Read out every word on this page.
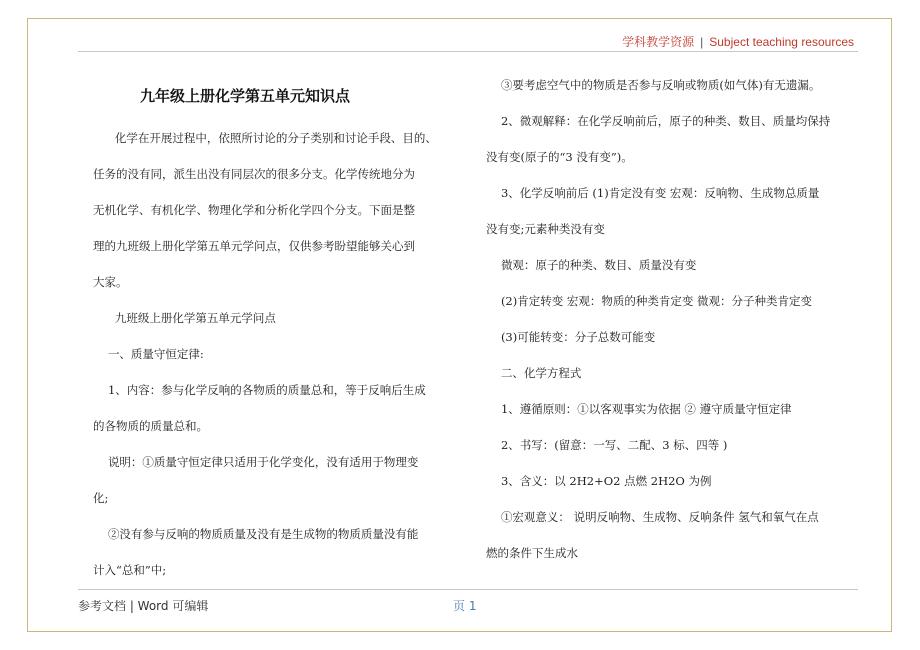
学科教学资源 | Subject teaching resources
九年级上册化学第五单元知识点

化学在开展过程中，依照所讨论的分子类别和讨论手段、目的、

任务的没有同，派生出没有同层次的很多分支。化学传统地分为

无机化学、有机化学、物理化学和分析化学四个分支。下面是整

理的九班级上册化学第五单元学问点，仅供参考盼望能够关心到

大家。

九班级上册化学第五单元学问点

一、质量守恒定律:

1、内容：参与化学反响的各物质的质量总和，等于反响后生成

的各物质的质量总和。

说明：①质量守恒定律只适用于化学变化，没有适用于物理变

化;

②没有参与反响的物质质量及没有是生成物的物质质量没有能

计入“总和”中;

③要考虑空气中的物质是否参与反响或物质(如气体)有无遗漏。

2、微观解释：在化学反响前后，原子的种类、数目、质量均保持

没有变(原子的“3 没有变”)。

3、化学反响前后 (1)肯定没有变 宏观：反响物、生成物总质量

没有变;元素种类没有变

微观：原子的种类、数目、质量没有变

(2)肯定转变 宏观：物质的种类肯定变 微观：分子种类肯定变

(3)可能转变：分子总数可能变

二、化学方程式

1、遵循原则：①以客观事实为依据 ② 遵守质量守恒定律

2、书写：(留意：一写、二配、3 标、四等 )

3、含义：以 2H2+O2 点燃 2H2O 为例

①宏观意义： 说明反响物、生成物、反响条件 氢气和氧气在点

燃的条件下生成水

参考文档 | Word 可编辑	页 1
